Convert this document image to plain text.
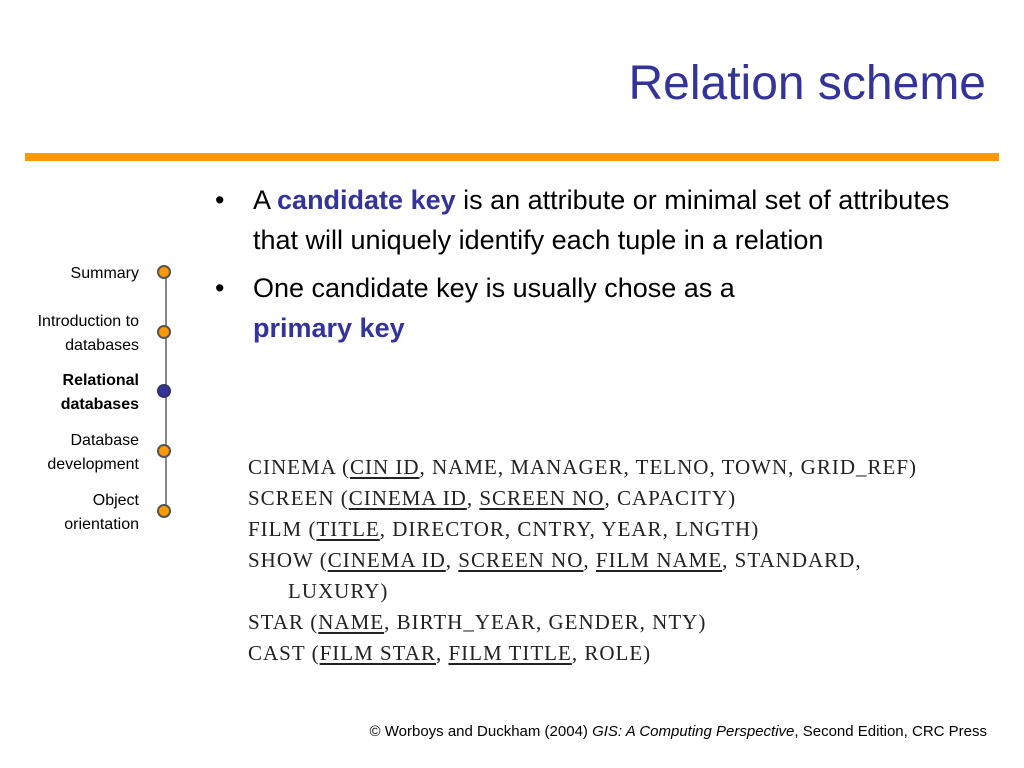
Relation scheme
Summary
Introduction to databases
Relational databases
Database development
Object orientation
• A candidate key is an attribute or minimal set of attributes that will uniquely identify each tuple in a relation
• One candidate key is usually chose as a
primary key
CINEMA (CIN ID, NAME, MANAGER, TELNO, TOWN, GRID_REF)
SCREEN (CINEMA ID, SCREEN NO, CAPACITY)
FILM (TITLE, DIRECTOR, CNTRY, YEAR, LNGTH)
SHOW (CINEMA ID, SCREEN NO, FILM NAME, STANDARD,
LUXURY)
STAR (NAME, BIRTH_YEAR, GENDER, NTY)
CAST (FILM STAR, FILM TITLE, ROLE)
© Worboys and Duckham (2004) GIS: A Computing Perspective, Second Edition, CRC Press
